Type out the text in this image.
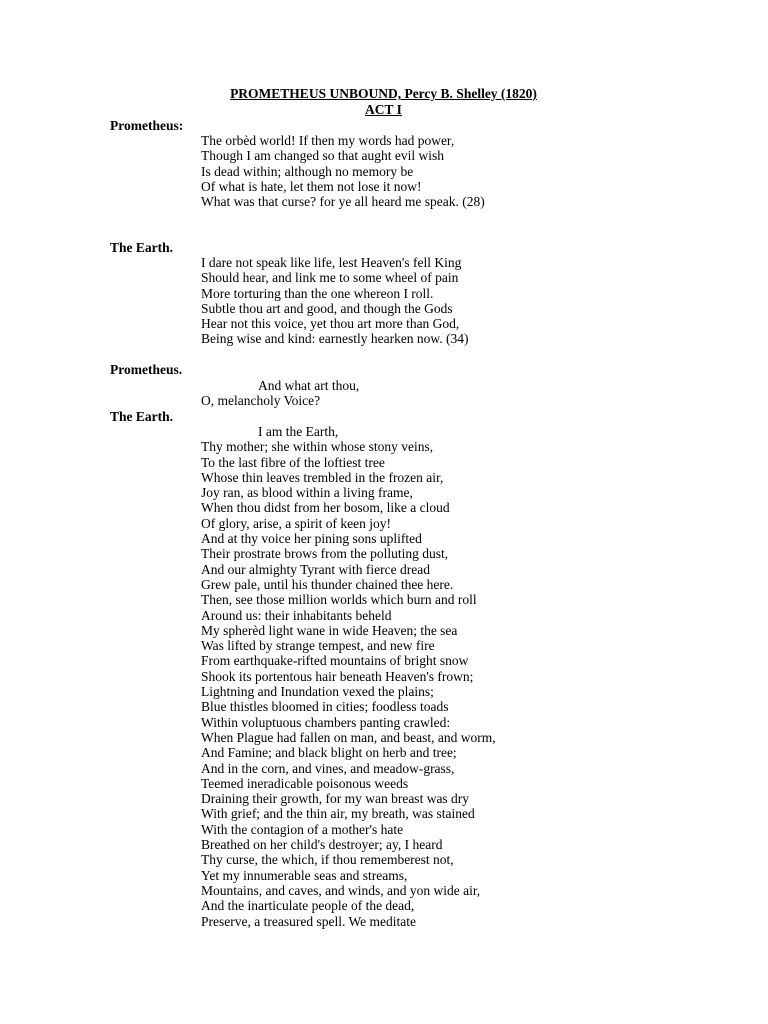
PROMETHEUS UNBOUND, Percy B. Shelley (1820)
ACT I
Prometheus:
The orbèd world! If then my words had power,
Though I am changed so that aught evil wish
Is dead within; although no memory be
Of what is hate, let them not lose it now!
What was that curse? for ye all heard me speak. (28)
The Earth.
I dare not speak like life, lest Heaven's fell King
Should hear, and link me to some wheel of pain
More torturing than the one whereon I roll.
Subtle thou art and good, and though the Gods
Hear not this voice, yet thou art more than God,
Being wise and kind: earnestly hearken now. (34)
Prometheus.
And what art thou,
O, melancholy Voice?
The Earth.
I am the Earth,
Thy mother; she within whose stony veins,
To the last fibre of the loftiest tree
Whose thin leaves trembled in the frozen air,
Joy ran, as blood within a living frame,
When thou didst from her bosom, like a cloud
Of glory, arise, a spirit of keen joy!
And at thy voice her pining sons uplifted
Their prostrate brows from the polluting dust,
And our almighty Tyrant with fierce dread
Grew pale, until his thunder chained thee here.
Then, see those million worlds which burn and roll
Around us: their inhabitants beheld
My spherèd light wane in wide Heaven; the sea
Was lifted by strange tempest, and new fire
From earthquake-rifted mountains of bright snow
Shook its portentous hair beneath Heaven's frown;
Lightning and Inundation vexed the plains;
Blue thistles bloomed in cities; foodless toads
Within voluptuous chambers panting crawled:
When Plague had fallen on man, and beast, and worm,
And Famine; and black blight on herb and tree;
And in the corn, and vines, and meadow-grass,
Teemed ineradicable poisonous weeds
Draining their growth, for my wan breast was dry
With grief; and the thin air, my breath, was stained
With the contagion of a mother's hate
Breathed on her child's destroyer; ay, I heard
Thy curse, the which, if thou rememberest not,
Yet my innumerable seas and streams,
Mountains, and caves, and winds, and yon wide air,
And the inarticulate people of the dead,
Preserve, a treasured spell. We meditate
